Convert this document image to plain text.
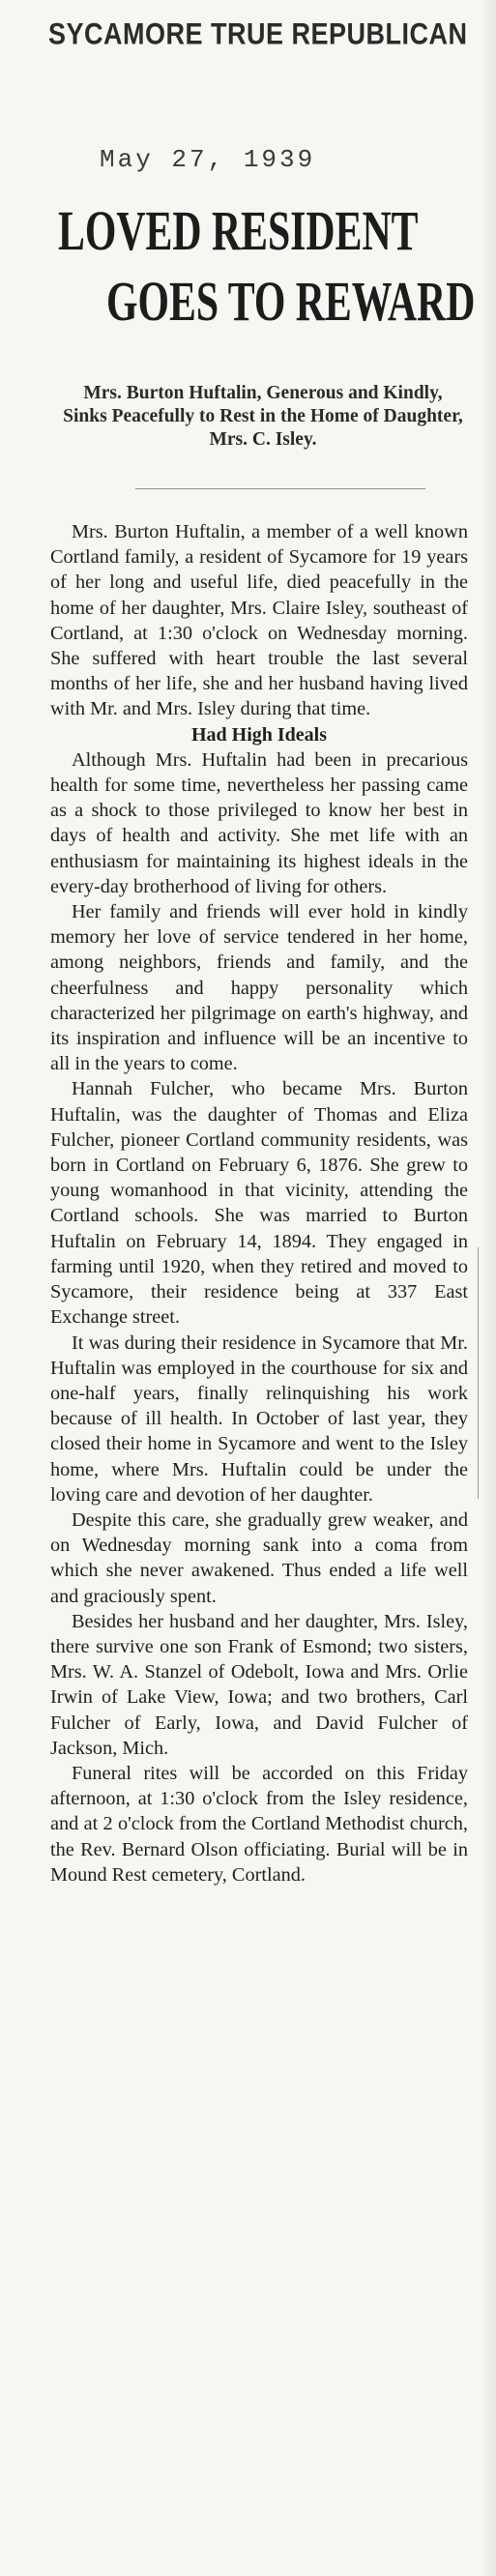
SYCAMORE TRUE REPUBLICAN
May 27, 1939
LOVED RESIDENT
GOES TO REWARD
Mrs. Burton Huftalin, Generous and Kindly, Sinks Peacefully to Rest in the Home of Daughter, Mrs. C. Isley.

Mrs. Burton Huftalin, a member of a well known Cortland family, a resident of Sycamore for 19 years of her long and useful life, died peacefully in the home of her daughter, Mrs. Claire Isley, southeast of Cortland, at 1:30 o'clock on Wednesday morning. She suffered with heart trouble the last several months of her life, she and her husband having lived with Mr. and Mrs. Isley during that time.

Had High Ideals

Although Mrs. Huftalin had been in precarious health for some time, nevertheless her passing came as a shock to those privileged to know her best in days of health and activity. She met life with an enthusiasm for maintaining its highest ideals in the every-day brotherhood of living for others.

Her family and friends will ever hold in kindly memory her love of service tendered in her home, among neighbors, friends and family, and the cheerfulness and happy personality which characterized her pilgrimage on earth's highway, and its inspiration and influence will be an incentive to all in the years to come.

Hannah Fulcher, who became Mrs. Burton Huftalin, was the daughter of Thomas and Eliza Fulcher, pioneer Cortland community residents, was born in Cortland on February 6, 1876. She grew to young womanhood in that vicinity, attending the Cortland schools. She was married to Burton Huftalin on February 14, 1894. They engaged in farming until 1920, when they retired and moved to Sycamore, their residence being at 337 East Exchange street.

It was during their residence in Sycamore that Mr. Huftalin was employed in the courthouse for six and one-half years, finally relinquishing his work because of ill health. In October of last year, they closed their home in Sycamore and went to the Isley home, where Mrs. Huftalin could be under the loving care and devotion of her daughter.

Despite this care, she gradually grew weaker, and on Wednesday morning sank into a coma from which she never awakened. Thus ended a life well and graciously spent.

Besides her husband and her daughter, Mrs. Isley, there survive one son Frank of Esmond; two sisters, Mrs. W. A. Stanzel of Odebolt, Iowa and Mrs. Orlie Irwin of Lake View, Iowa; and two brothers, Carl Fulcher of Early, Iowa, and David Fulcher of Jackson, Mich.

Funeral rites will be accorded on this Friday afternoon, at 1:30 o'clock from the Isley residence, and at 2 o'clock from the Cortland Methodist church, the Rev. Bernard Olson officiating. Burial will be in Mound Rest cemetery, Cortland.
